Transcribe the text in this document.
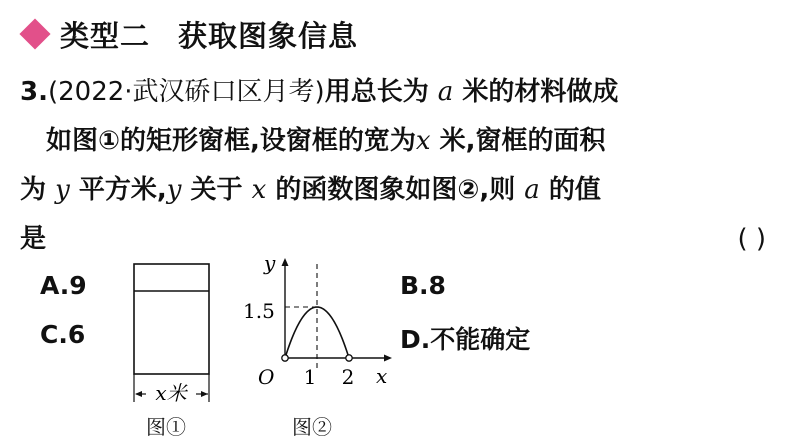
类型二 获取图象信息
3.(2022·武汉硚口区月考)用总长为 a 米的材料做成
如图①的矩形窗框,设窗框的宽为x 米,窗框的面积
为 y 平方米,y 关于 x 的函数图象如图②,则 a 的值
是	( )
A.9	B.8
C.6	D.不能确定
x米
图①
y
x
O
1.5
1 2
图②
